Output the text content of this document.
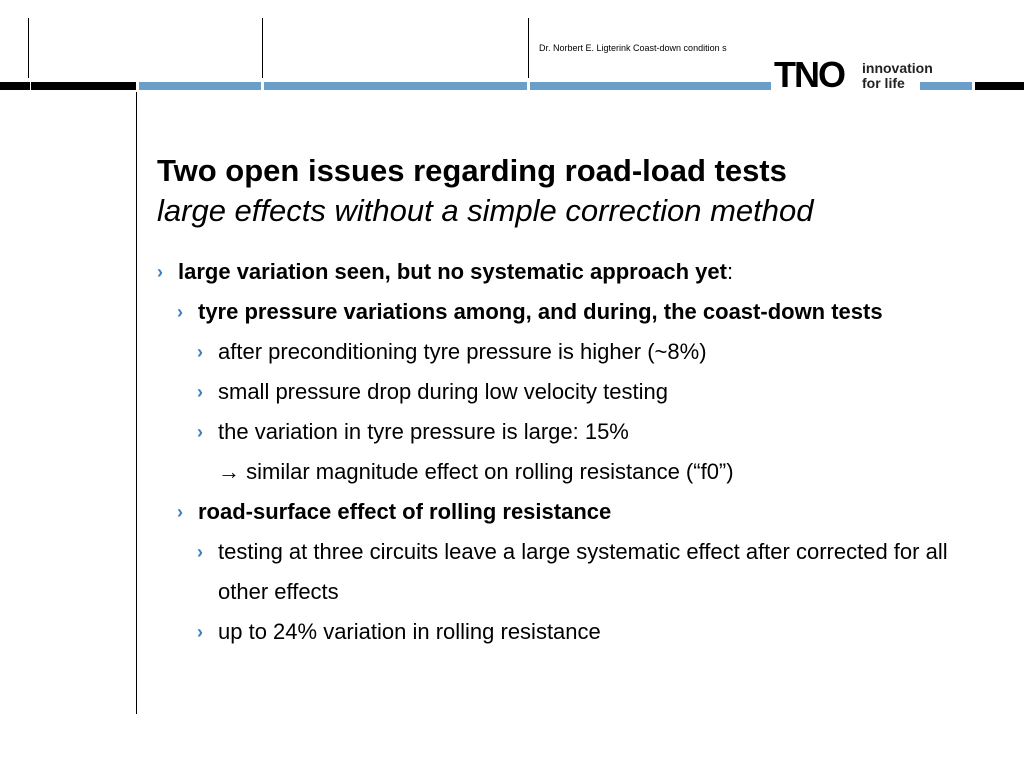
Dr. Norbert E. Ligterink Coast-down condition s
TNO innovation
for life
Two open issues regarding road-load tests
large effects without a simple correction method
› large variation seen, but no systematic approach yet:
› tyre pressure variations among, and during, the coast-down tests
› after preconditioning tyre pressure is higher (~8%)
› small pressure drop during low velocity testing
› the variation in tyre pressure is large: 15%
→ similar magnitude effect on rolling resistance (“f0”)
› road-surface effect of rolling resistance
› testing at three circuits leave a large systematic effect after corrected for all other effects
› up to 24% variation in rolling resistance
